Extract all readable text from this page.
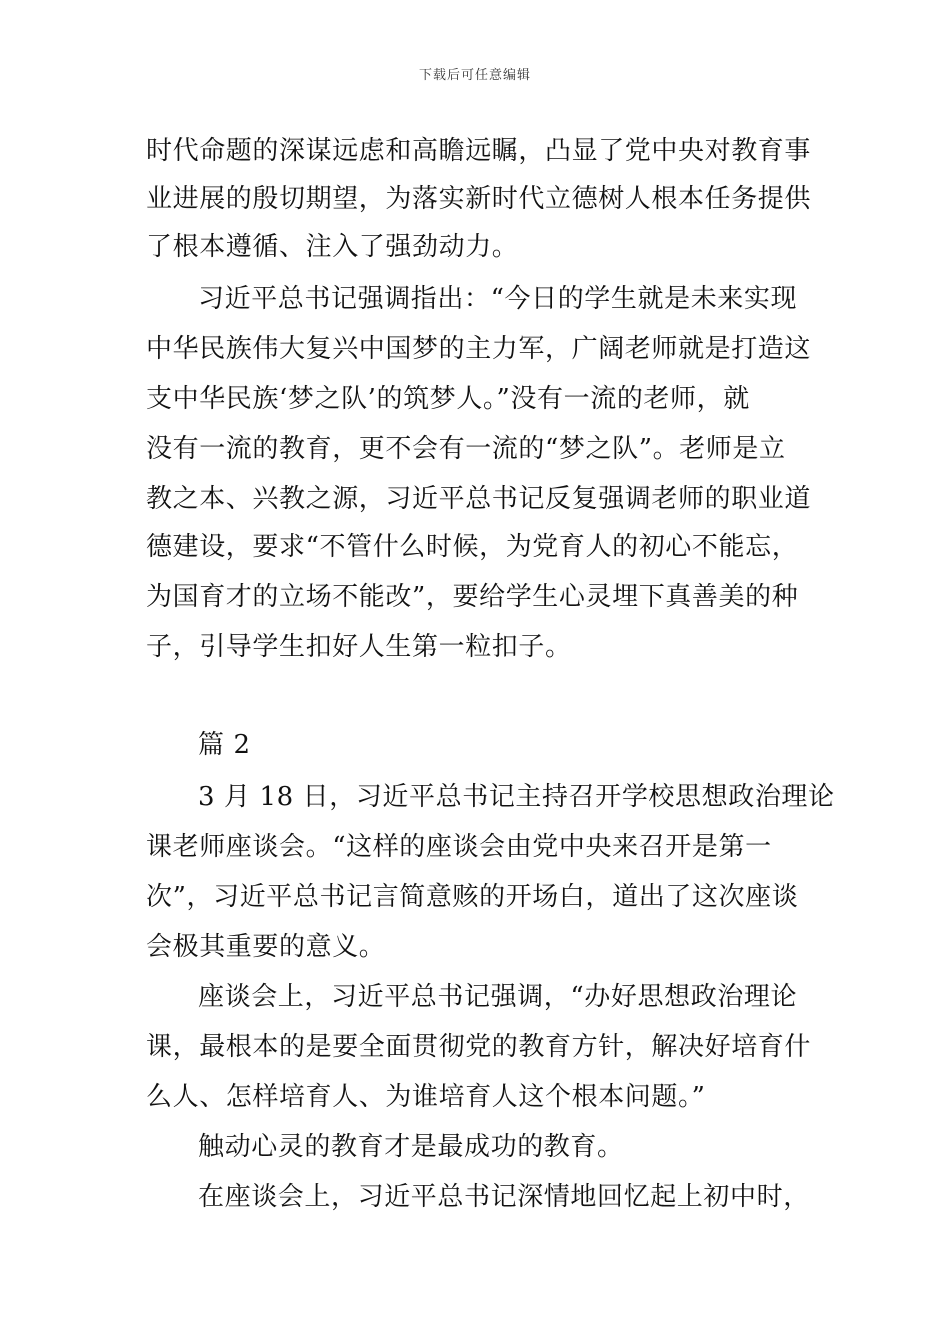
下载后可任意编辑
时代命题的深谋远虑和高瞻远瞩，凸显了党中央对教育事
业进展的殷切期望，为落实新时代立德树人根本任务提供
了根本遵循、注入了强劲动力。
习近平总书记强调指出：“今日的学生就是未来实现
中华民族伟大复兴中国梦的主力军，广阔老师就是打造这
支中华民族‘梦之队’的筑梦人。”没有一流的老师，就
没有一流的教育，更不会有一流的“梦之队”。老师是立
教之本、兴教之源，习近平总书记反复强调老师的职业道
德建设，要求“不管什么时候，为党育人的初心不能忘，
为国育才的立场不能改”，要给学生心灵埋下真善美的种
子，引导学生扣好人生第一粒扣子。
篇 2
3 月 18 日，习近平总书记主持召开学校思想政治理论
课老师座谈会。“这样的座谈会由党中央来召开是第一
次”，习近平总书记言简意赅的开场白，道出了这次座谈
会极其重要的意义。
座谈会上，习近平总书记强调，“办好思想政治理论
课，最根本的是要全面贯彻党的教育方针，解决好培育什
么人、怎样培育人、为谁培育人这个根本问题。”
触动心灵的教育才是最成功的教育。
在座谈会上，习近平总书记深情地回忆起上初中时，
